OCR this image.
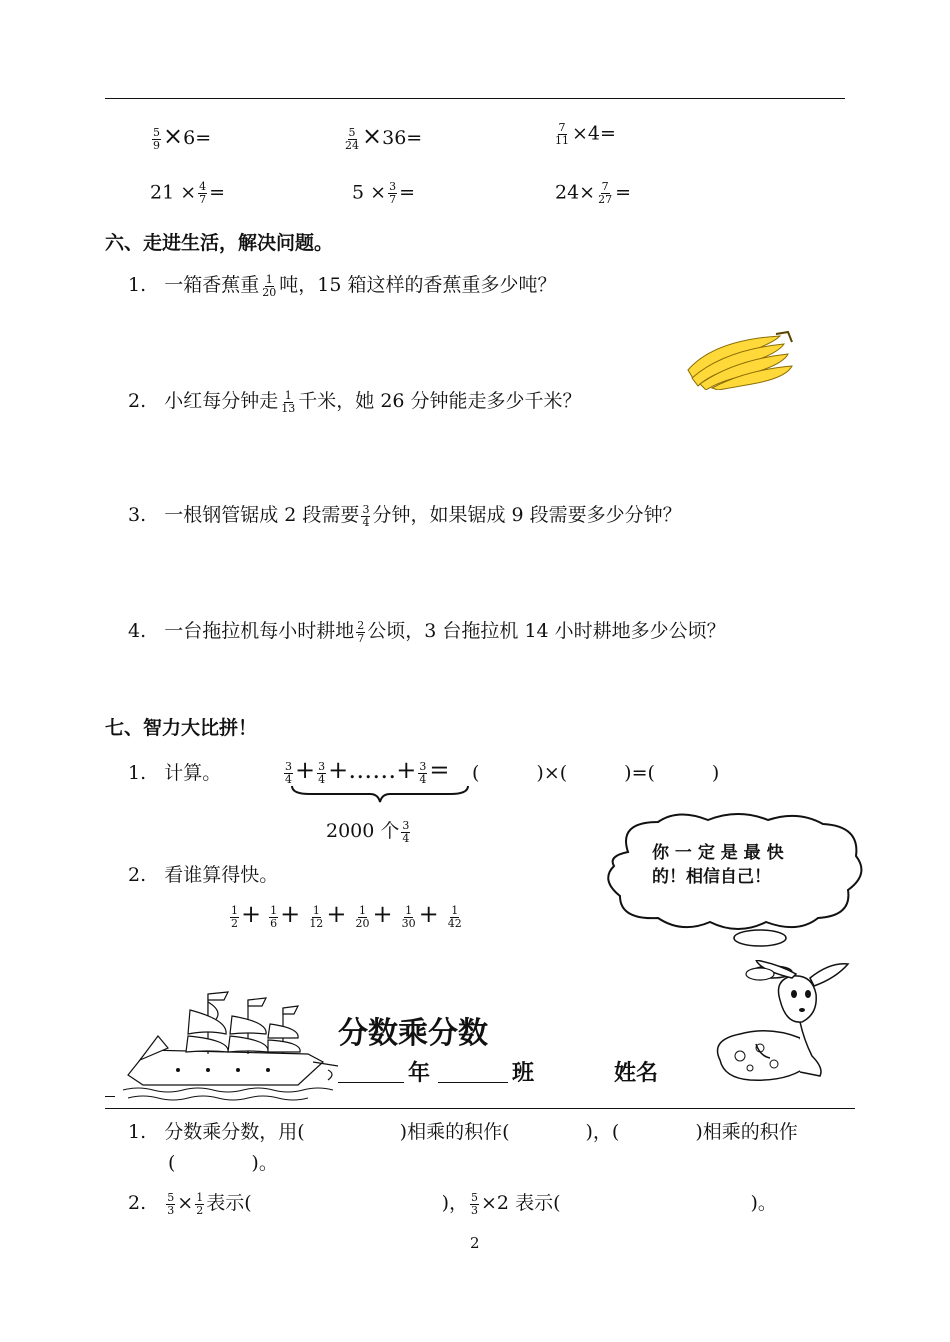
$\frac{5}{9} \times 6=$	$\frac{5}{24} \times 36=$	$\frac{7}{11} \times 4=$
$21 \times \frac{4}{7}$ =	$5 \times \frac{3}{7}$ =	$24\times \frac{7}{27}$ =
六、走进生活，解决问题。
1. 一箱香蕉重 $\frac{1}{20}$ 吨，15 箱这样的香蕉重多少吨？
2. 小红每分钟走 $\frac{1}{13}$ 千米，她 26 分钟能走多少千米？
3. 一根钢管锯成 2 段需要 $\frac{3}{4}$ 分钟，如果锯成 9 段需要多少分钟？
4. 一台拖拉机每小时耕地 $\frac{2}{7}$ 公顷，3 台拖拉机 14 小时耕地多少公顷？
七、智力大比拼！
1. 计算。	$\frac{3}{4} + \frac{3}{4}$ +……+ $\frac{3}{4}$ = (　　　)×(　　　)=(　　　)
2000 个 $\frac{3}{4}$
2. 看谁算得快。
$\frac{1}{2} + \frac{1}{6} + \frac{1}{12} + \frac{1}{20} + \frac{1}{30} + \frac{1}{42}$
你 一 定 是 最 快
的！相信自己！
分数乘分数
年	班	姓名
1. 分数乘分数，用(　　　　　)相乘的积作(　　　　)，(　　　　)相乘的积作
(　　　　)。
2. $\frac{5}{3} \times \frac{1}{2}$ 表示(　　　　　　　　　　)， $\frac{5}{3} \times 2$ 表示(　　　　　　　　　　)。
2
